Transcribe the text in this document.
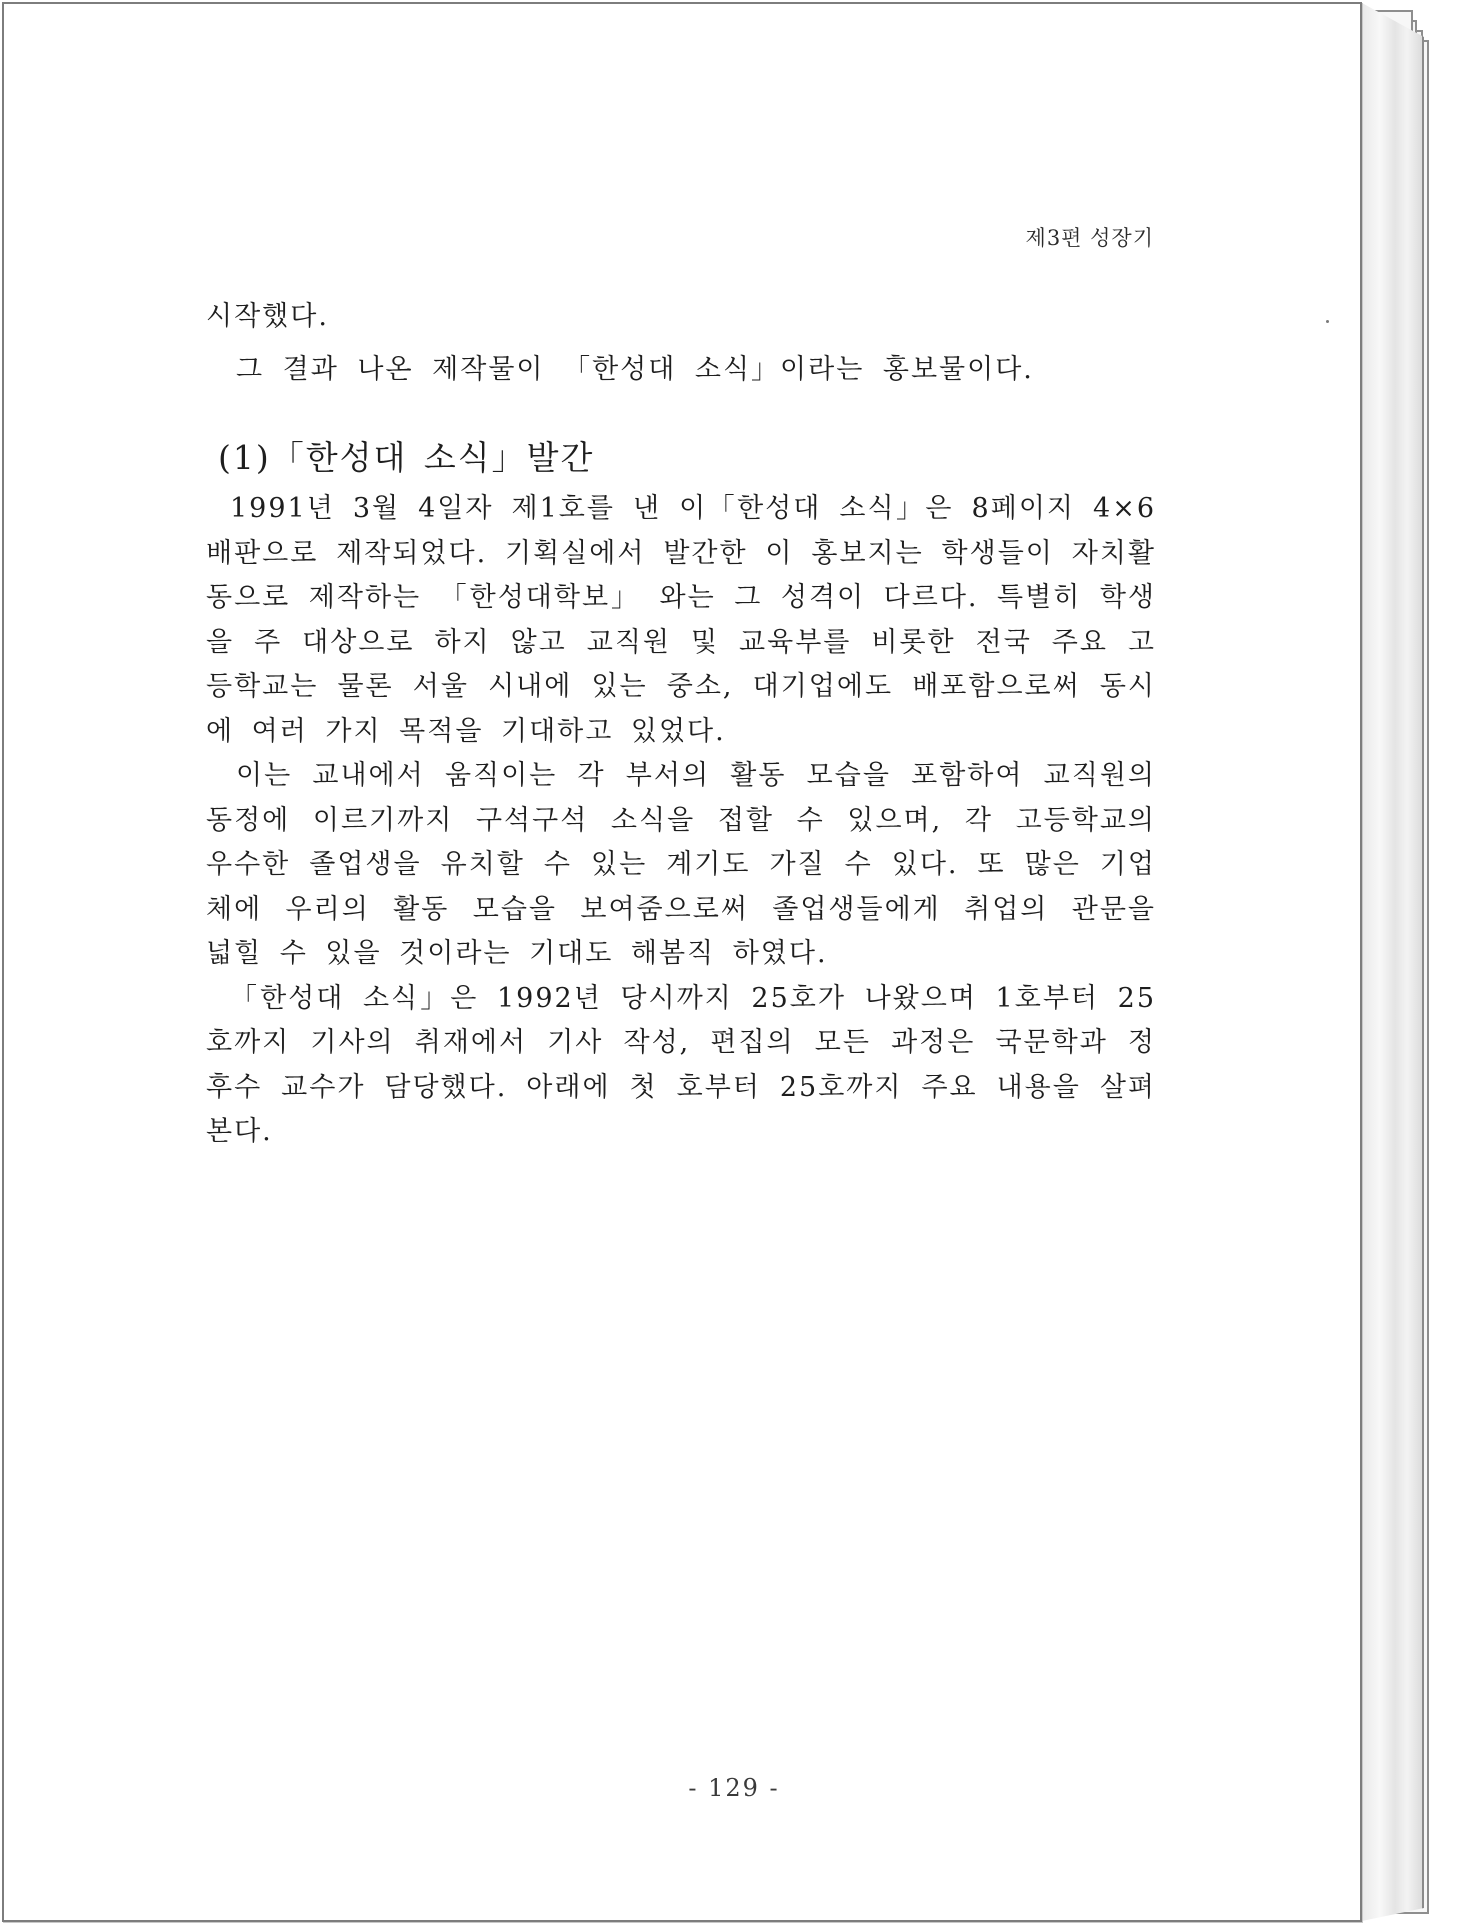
제3편 성장기
시작했다.
그 결과 나온 제작물이 「한성대 소식」이라는 홍보물이다.
(1)「한성대 소식」발간

1991년 3월 4일자 제1호를 낸 이「한성대 소식」은 8페이지 4×6배판으로 제작되었다. 기획실에서 발간한 이 홍보지는 학생들이 자치활동으로 제작하는 「한성대학보」 와는 그 성격이 다르다. 특별히 학생을 주 대상으로 하지 않고 교직원 및 교육부를 비롯한 전국 주요 고등학교는 물론 서울 시내에 있는 중소, 대기업에도 배포함으로써 동시에 여러 가지 목적을 기대하고 있었다.

이는 교내에서 움직이는 각 부서의 활동 모습을 포함하여 교직원의 동정에 이르기까지 구석구석 소식을 접할 수 있으며, 각 고등학교의 우수한 졸업생을 유치할 수 있는 계기도 가질 수 있다. 또 많은 기업체에 우리의 활동 모습을 보여줌으로써 졸업생들에게 취업의 관문을 넓힐 수 있을 것이라는 기대도 해봄직 하였다.

「한성대 소식」은 1992년 당시까지 25호가 나왔으며 1호부터 25호까지 기사의 취재에서 기사 작성, 편집의 모든 과정은 국문학과 정후수 교수가 담당했다. 아래에 첫 호부터 25호까지 주요 내용을 살펴본다.

- 129 -
